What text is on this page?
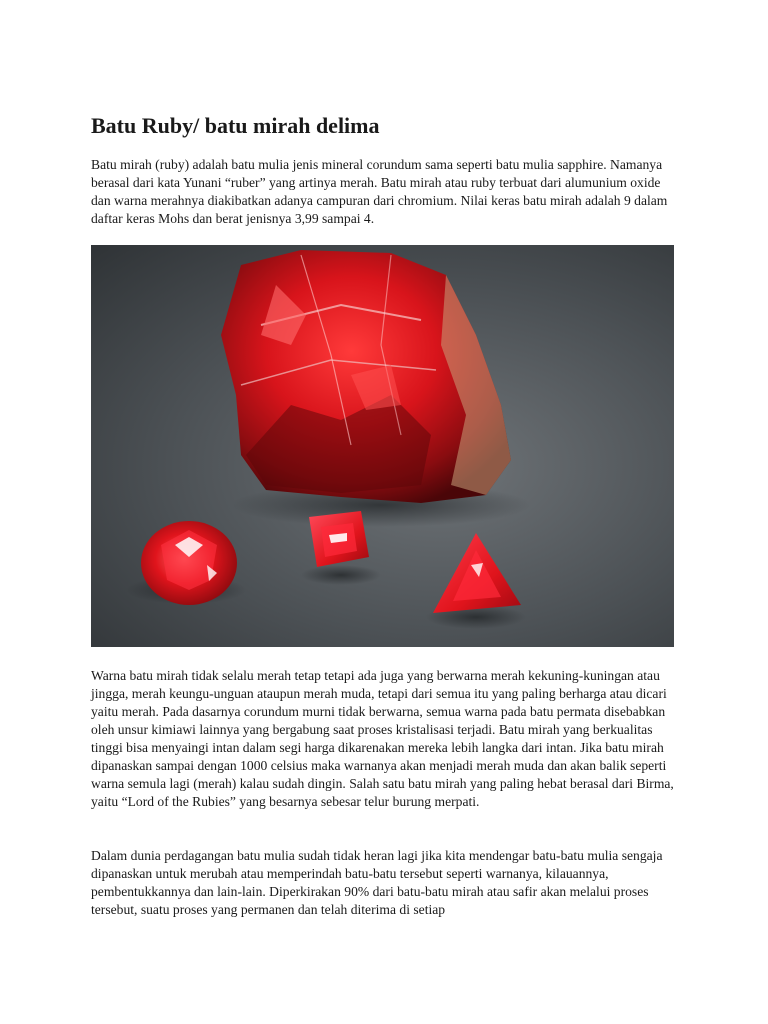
Batu Ruby/ batu mirah delima

Batu mirah (ruby) adalah batu mulia jenis mineral corundum sama seperti batu mulia sapphire. Namanya berasal dari kata Yunani “ruber” yang artinya merah. Batu mirah atau ruby terbuat dari alumunium oxide dan warna merahnya diakibatkan adanya campuran dari chromium. Nilai keras batu mirah adalah 9 dalam daftar keras Mohs dan berat jenisnya 3,99 sampai 4.

Warna batu mirah tidak selalu merah tetap tetapi ada juga yang berwarna merah kekuning-kuningan atau jingga, merah keungu-unguan ataupun merah muda, tetapi dari semua itu yang paling berharga atau dicari yaitu merah. Pada dasarnya corundum murni tidak berwarna, semua warna pada batu permata disebabkan oleh unsur kimiawi lainnya yang bergabung saat proses kristalisasi terjadi. Batu mirah yang berkualitas tinggi bisa menyaingi intan dalam segi harga dikarenakan mereka lebih langka dari intan. Jika batu mirah dipanaskan sampai dengan 1000 celsius maka warnanya akan menjadi merah muda dan akan balik seperti warna semula lagi (merah) kalau sudah dingin. Salah satu batu mirah yang paling hebat berasal dari Birma, yaitu “Lord of the Rubies” yang besarnya sebesar telur burung merpati.

Dalam dunia perdagangan batu mulia sudah tidak heran lagi jika kita mendengar batu-batu mulia sengaja dipanaskan untuk merubah atau memperindah batu-batu tersebut seperti warnanya, kilauannya, pembentukkannya dan lain-lain. Diperkirakan 90% dari batu-batu mirah atau safir akan melalui proses tersebut, suatu proses yang permanen dan telah diterima di setiap
